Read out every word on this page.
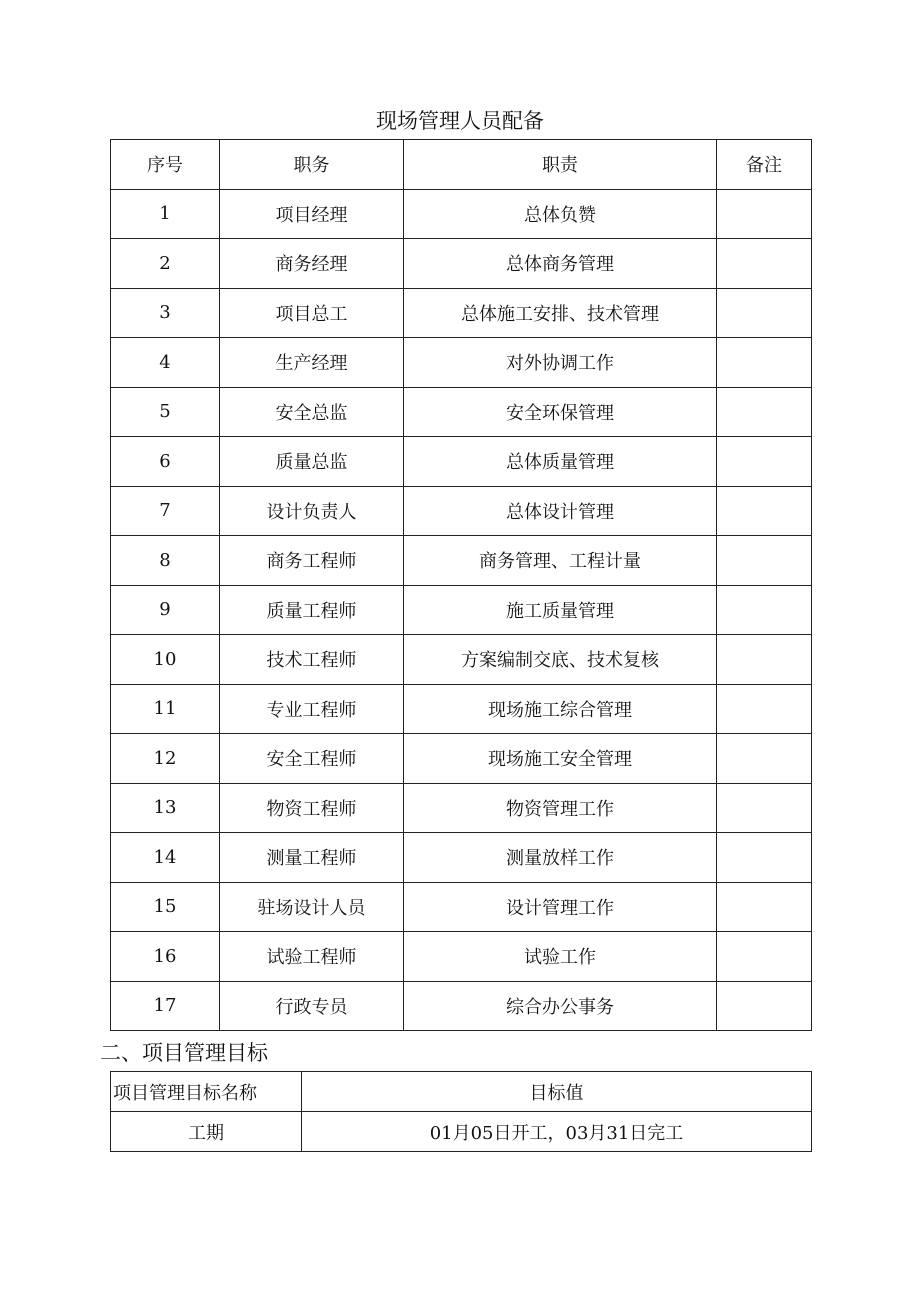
现场管理人员配备
序号	职务	职责	备注
1	项目经理	总体负赞	
2	商务经理	总体商务管理	
3	项目总工	总体施工安排、技术管理	
4	生产经理	对外协调工作	
5	安全总监	安全环保管理	
6	质量总监	总体质量管理	
7	设计负责人	总体设计管理	
8	商务工程师	商务管理、工程计量	
9	质量工程师	施工质量管理	
10	技术工程师	方案编制交底、技术复核	
11	专业工程师	现场施工综合管理	
12	安全工程师	现场施工安全管理	
13	物资工程师	物资管理工作	
14	测量工程师	测量放样工作	
15	驻场设计人员	设计管理工作	
16	试验工程师	试验工作	
17	行政专员	综合办公事务	
二、项目管理目标
项目管理目标名称	目标值
工期	01月05日开工，03月31日完工
